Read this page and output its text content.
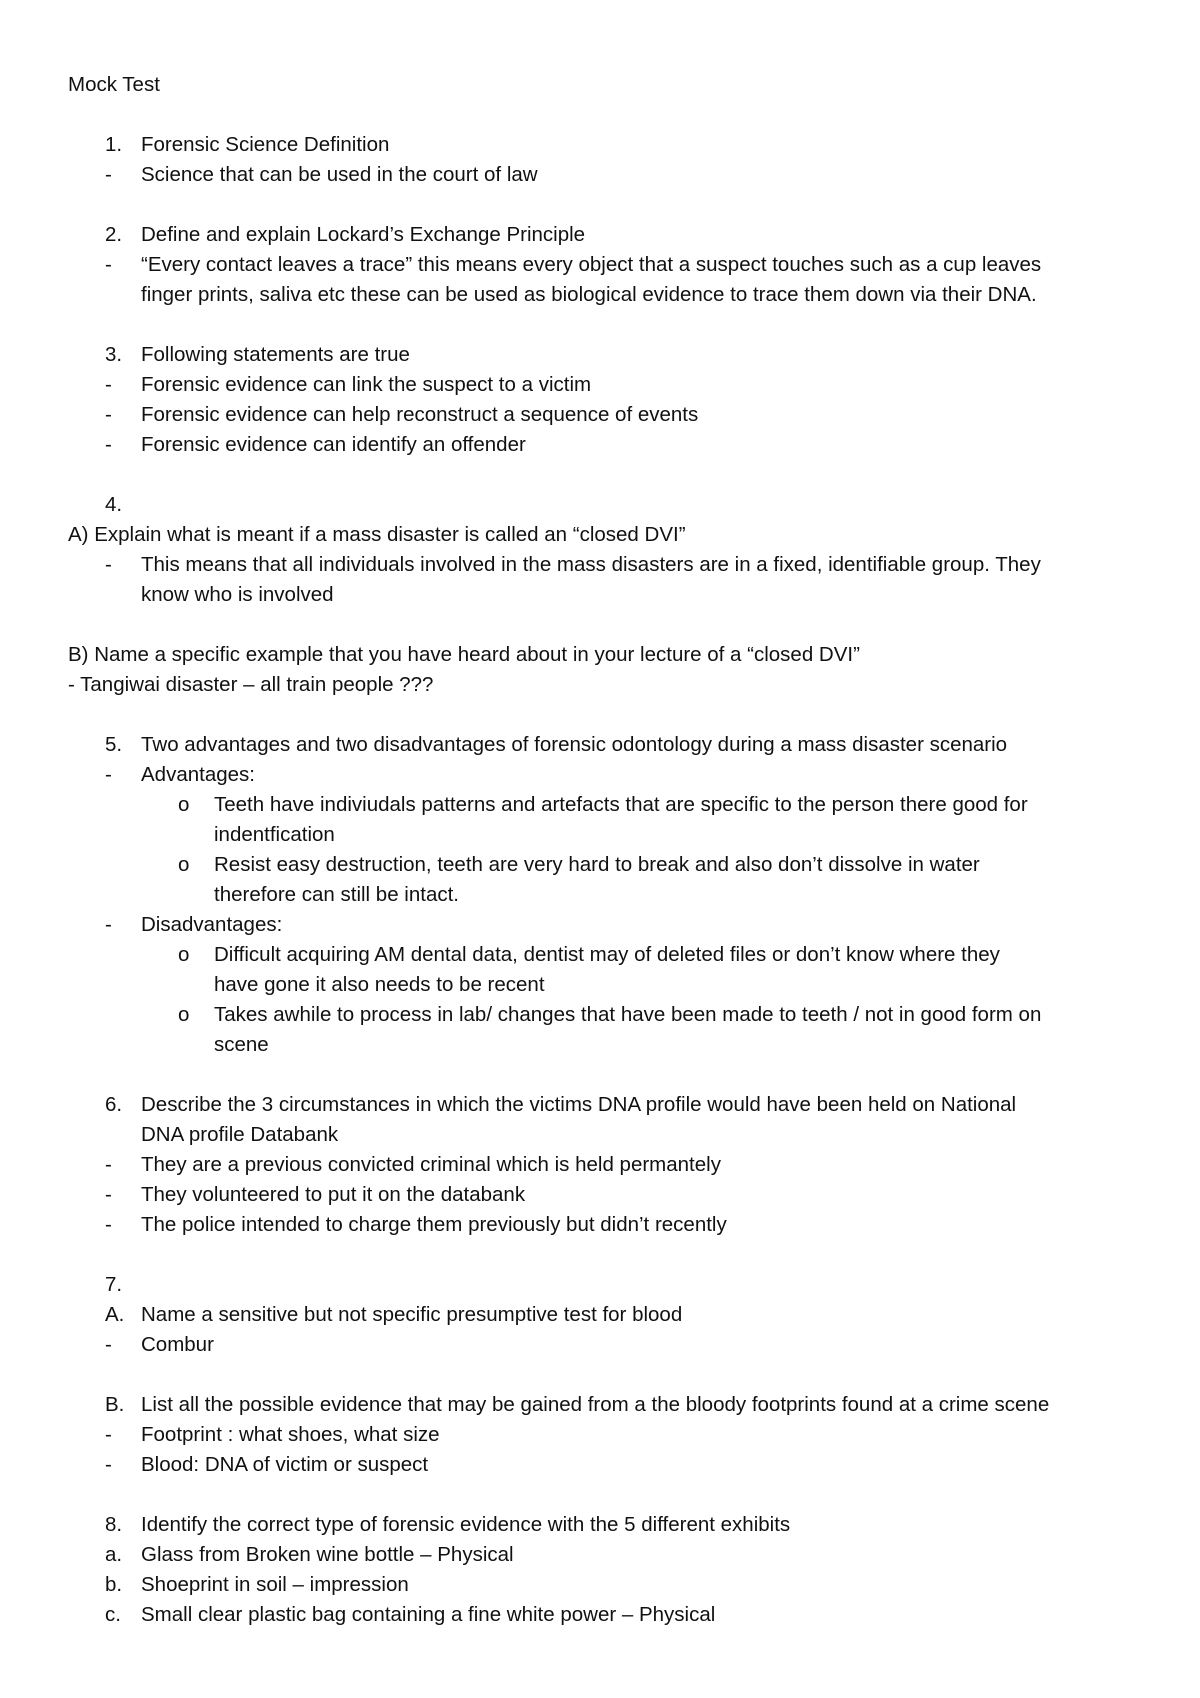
Mock Test
1. Forensic Science Definition
- Science that can be used in the court of law
2. Define and explain Lockard’s Exchange Principle
- “Every contact leaves a trace” this means every object that a suspect touches such as a cup leaves
finger prints, saliva etc these can be used as biological evidence to trace them down via their DNA.
3. Following statements are true
- Forensic evidence can link the suspect to a victim
- Forensic evidence can help reconstruct a sequence of events
- Forensic evidence can identify an offender
4.
A) Explain what is meant if a mass disaster is called an “closed DVI”
- This means that all individuals involved in the mass disasters are in a fixed, identifiable group. They
know who is involved
B) Name a specific example that you have heard about in your lecture of a “closed DVI”
- Tangiwai disaster – all train people ???
5. Two advantages and two disadvantages of forensic odontology during a mass disaster scenario
- Advantages:
o Teeth have indiviudals patterns and artefacts that are specific to the person there good for
indentfication
o Resist easy destruction, teeth are very hard to break and also don’t dissolve in water
therefore can still be intact.
- Disadvantages:
o Difficult acquiring AM dental data, dentist may of deleted files or don’t know where they
have gone it also needs to be recent
o Takes awhile to process in lab/ changes that have been made to teeth / not in good form on
scene
6. Describe the 3 circumstances in which the victims DNA profile would have been held on National
DNA profile Databank
- They are a previous convicted criminal which is held permantely
- They volunteered to put it on the databank
- The police intended to charge them previously but didn’t recently
7.
A. Name a sensitive but not specific presumptive test for blood
- Combur
B. List all the possible evidence that may be gained from a the bloody footprints found at a crime scene
- Footprint : what shoes, what size
- Blood: DNA of victim or suspect
8. Identify the correct type of forensic evidence with the 5 different exhibits
a. Glass from Broken wine bottle – Physical
b. Shoeprint in soil – impression
c. Small clear plastic bag containing a fine white power – Physical
